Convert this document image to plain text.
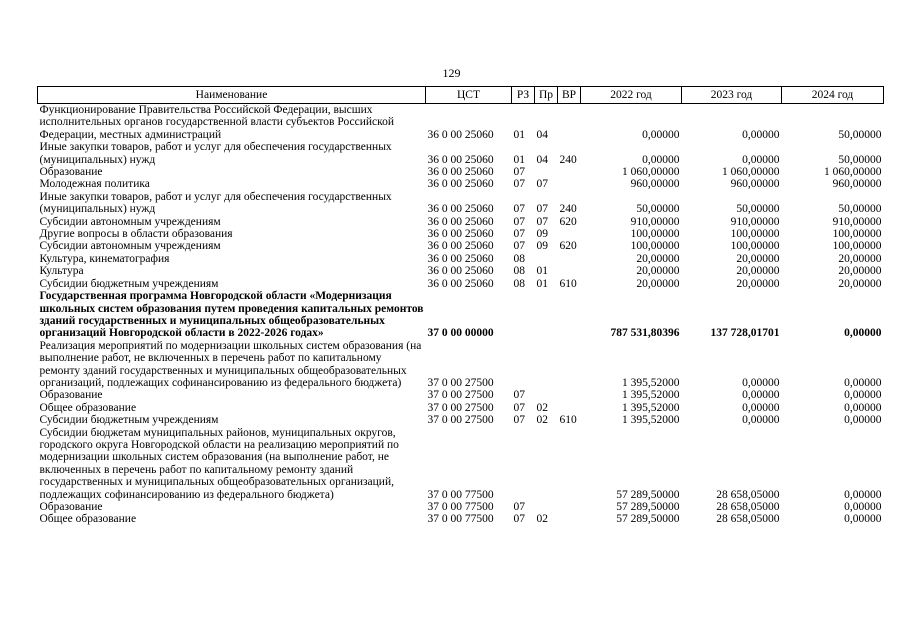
129
Наименование	ЦСТ	РЗ	Пр	ВР	2022 год	2023 год	2024 год
Функционирование Правительства Российской Федерации, высших исполнительных органов государственной власти субъектов Российской Федерации, местных администраций	36 0 00 25060	01	04		0,00000	0,00000	50,00000
Иные закупки товаров, работ и услуг для обеспечения государственных (муниципальных) нужд	36 0 00 25060	01	04	240	0,00000	0,00000	50,00000
Образование	36 0 00 25060	07			1 060,00000	1 060,00000	1 060,00000
Молодежная политика	36 0 00 25060	07	07		960,00000	960,00000	960,00000
Иные закупки товаров, работ и услуг для обеспечения государственных (муниципальных) нужд	36 0 00 25060	07	07	240	50,00000	50,00000	50,00000
Субсидии автономным учреждениям	36 0 00 25060	07	07	620	910,00000	910,00000	910,00000
Другие вопросы в области образования	36 0 00 25060	07	09		100,00000	100,00000	100,00000
Субсидии автономным учреждениям	36 0 00 25060	07	09	620	100,00000	100,00000	100,00000
Культура, кинематография	36 0 00 25060	08			20,00000	20,00000	20,00000
Культура	36 0 00 25060	08	01		20,00000	20,00000	20,00000
Субсидии бюджетным учреждениям	36 0 00 25060	08	01	610	20,00000	20,00000	20,00000
Государственная программа Новгородской области «Модернизация школьных систем образования путем проведения капитальных ремонтов зданий государственных и муниципальных общеобразовательных организаций Новгородской области в 2022-2026 годах»	37 0 00 00000				787 531,80396	137 728,01701	0,00000
Реализация мероприятий по модернизации школьных систем образования (на выполнение работ, не включенных в перечень работ по капитальному ремонту зданий государственных и муниципальных общеобразовательных организаций, подлежащих софинансированию из федерального бюджета)	37 0 00 27500				1 395,52000	0,00000	0,00000
Образование	37 0 00 27500	07			1 395,52000	0,00000	0,00000
Общее образование	37 0 00 27500	07	02		1 395,52000	0,00000	0,00000
Субсидии бюджетным учреждениям	37 0 00 27500	07	02	610	1 395,52000	0,00000	0,00000
Субсидии бюджетам муниципальных районов, муниципальных округов, городского округа Новгородской области на реализацию мероприятий по модернизации школьных систем образования (на выполнение работ, не включенных в перечень работ по капитальному ремонту зданий государственных и муниципальных общеобразовательных организаций, подлежащих софинансированию из федерального бюджета)	37 0 00 77500				57 289,50000	28 658,05000	0,00000
Образование	37 0 00 77500	07			57 289,50000	28 658,05000	0,00000
Общее образование	37 0 00 77500	07	02		57 289,50000	28 658,05000	0,00000
